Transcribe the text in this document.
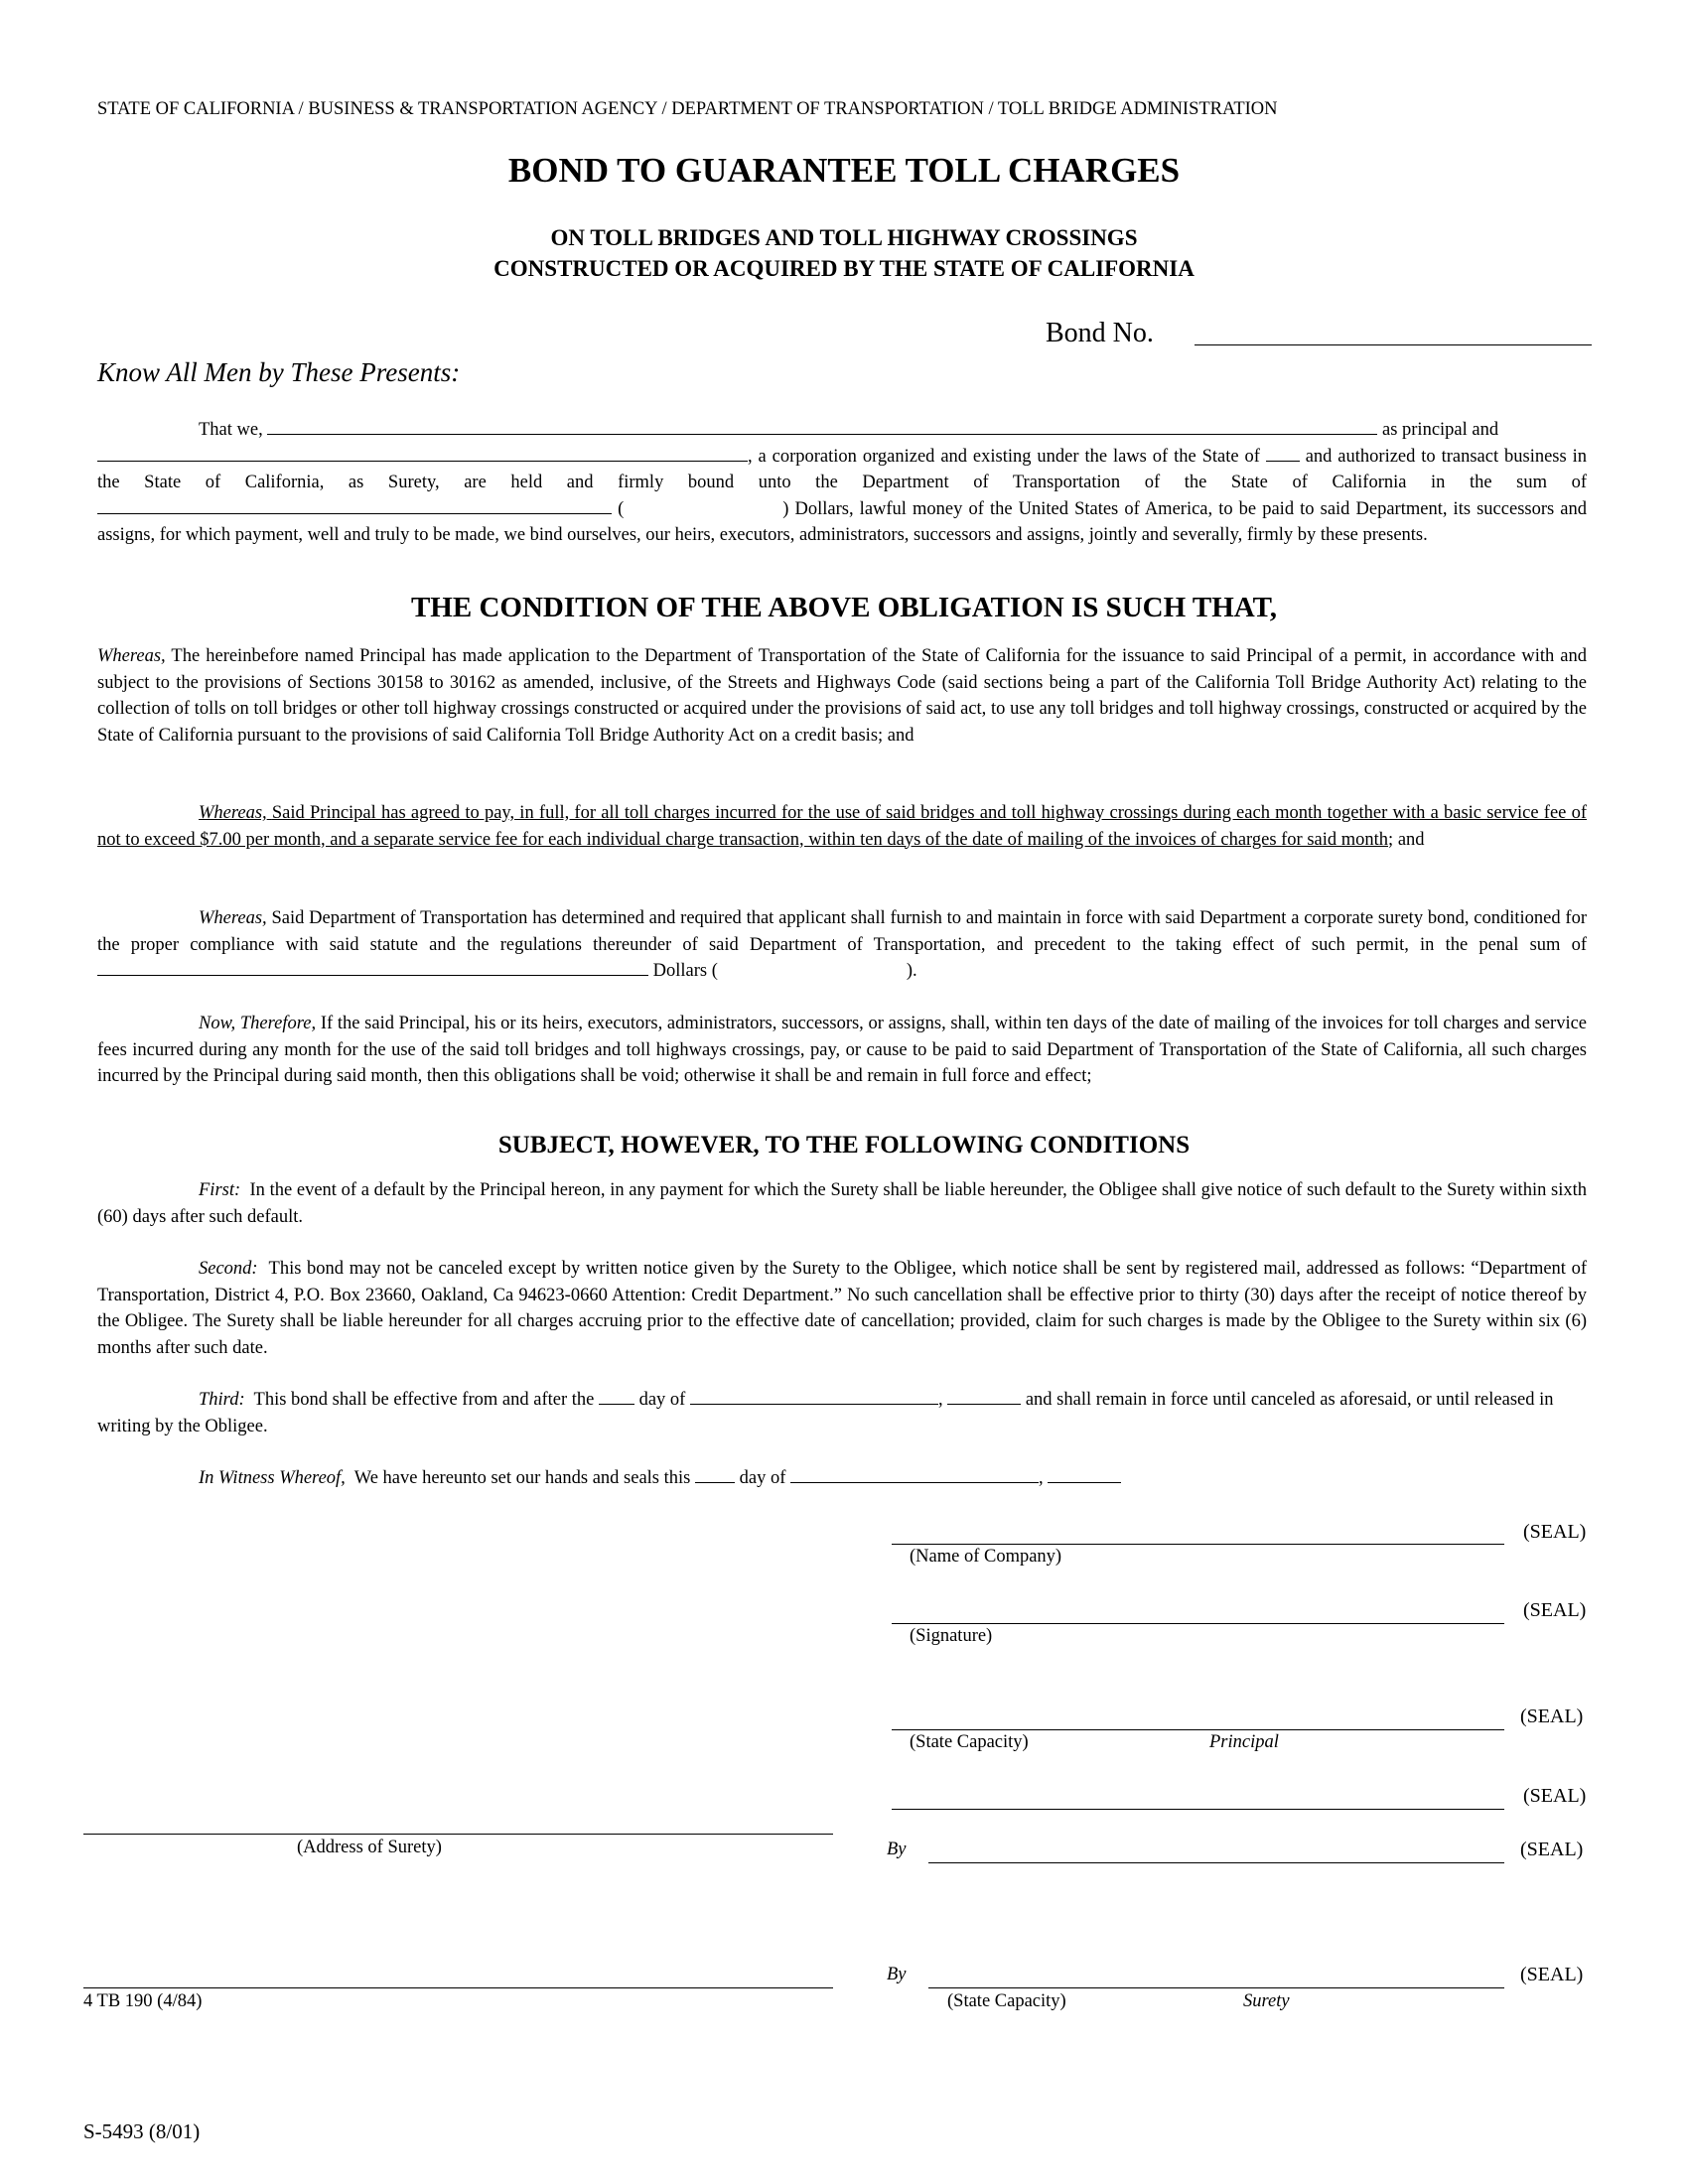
STATE OF CALIFORNIA / BUSINESS & TRANSPORTATION AGENCY / DEPARTMENT OF TRANSPORTATION / TOLL BRIDGE ADMINISTRATION
BOND TO GUARANTEE TOLL CHARGES
ON TOLL BRIDGES AND TOLL HIGHWAY CROSSINGS
CONSTRUCTED OR ACQUIRED BY THE STATE OF CALIFORNIA
Bond No.
Know All Men by These Presents:

That we,	as principal and

, a corporation organized and existing under the laws of the State of and authorized to transact business in the State of California, as Surety, are held and firmly bound unto the Department of Transportation of the State of California in the sum of  (	) Dollars, lawful money of the United States of America, to be paid to said Department, its successors and assigns, for which payment, well and truly to be made, we bind ourselves, our heirs, executors, administrators, successors and assigns, jointly and severally, firmly by these presents.

THE CONDITION OF THE ABOVE OBLIGATION IS SUCH THAT,

Whereas, The hereinbefore named Principal has made application to the Department of Transportation of the State of California for the issuance to said Principal of a permit, in accordance with and subject to the provisions of Sections 30158 to 30162 as amended, inclusive, of the Streets and Highways Code (said sections being a part of the California Toll Bridge Authority Act) relating to the collection of tolls on toll bridges or other toll highway crossings constructed or acquired under the provisions of said act, to use any toll bridges and toll highway crossings, constructed or acquired by the State of California pursuant to the provisions of said California Toll Bridge Authority Act on a credit basis; and

Whereas, Said Principal has agreed to pay, in full, for all toll charges incurred for the use of said bridges and toll highway crossings during each month together with a basic service fee of not to exceed $7.00 per month, and a separate service fee for each individual charge transaction, within ten days of the date of mailing of the invoices of charges for said month; and

Whereas, Said Department of Transportation has determined and required that applicant shall furnish to and maintain in force with said Department a corporate surety bond, conditioned for the proper compliance with said statute and the regulations thereunder of said Department of Transportation, and precedent to the taking effect of such permit, in the penal sum of  Dollars (	).

Now, Therefore, If the said Principal, his or its heirs, executors, administrators, successors, or assigns, shall, within ten days of the date of mailing of the invoices for toll charges and service fees incurred during any month for the use of the said toll bridges and toll highways crossings, pay, or cause to be paid to said Department of Transportation of the State of California, all such charges incurred by the Principal during said month, then this obligations shall be void; otherwise it shall be and remain in full force and effect;

SUBJECT, HOWEVER, TO THE FOLLOWING CONDITIONS

First: In the event of a default by the Principal hereon, in any payment for which the Surety shall be liable hereunder, the Obligee shall give notice of such default to the Surety within sixth (60) days after such default.

Second: This bond may not be canceled except by written notice given by the Surety to the Obligee, which notice shall be sent by registered mail, addressed as follows: “Department of Transportation, District 4, P.O. Box 23660, Oakland, Ca 94623-0660 Attention: Credit Department.” No such cancellation shall be effective prior to thirty (30) days after the receipt of notice thereof by the Obligee. The Surety shall be liable hereunder for all charges accruing prior to the effective date of cancellation; provided, claim for such charges is made by the Obligee to the Surety within six (6) months after such date.

Third: This bond shall be effective from and after the day of	,	and shall remain in force until canceled as aforesaid, or until released in writing by the Obligee.

In Witness Whereof, We have hereunto set our hands and seals this	day of	,

(SEAL)
(Name of Company)
(SEAL)
(Signature)
(SEAL)
(State Capacity)	Principal
(SEAL)
(Address of Surety)	By	(SEAL)
By	(SEAL)
(State Capacity)	Surety
4 TB 190 (4/84)
S-5493 (8/01)
